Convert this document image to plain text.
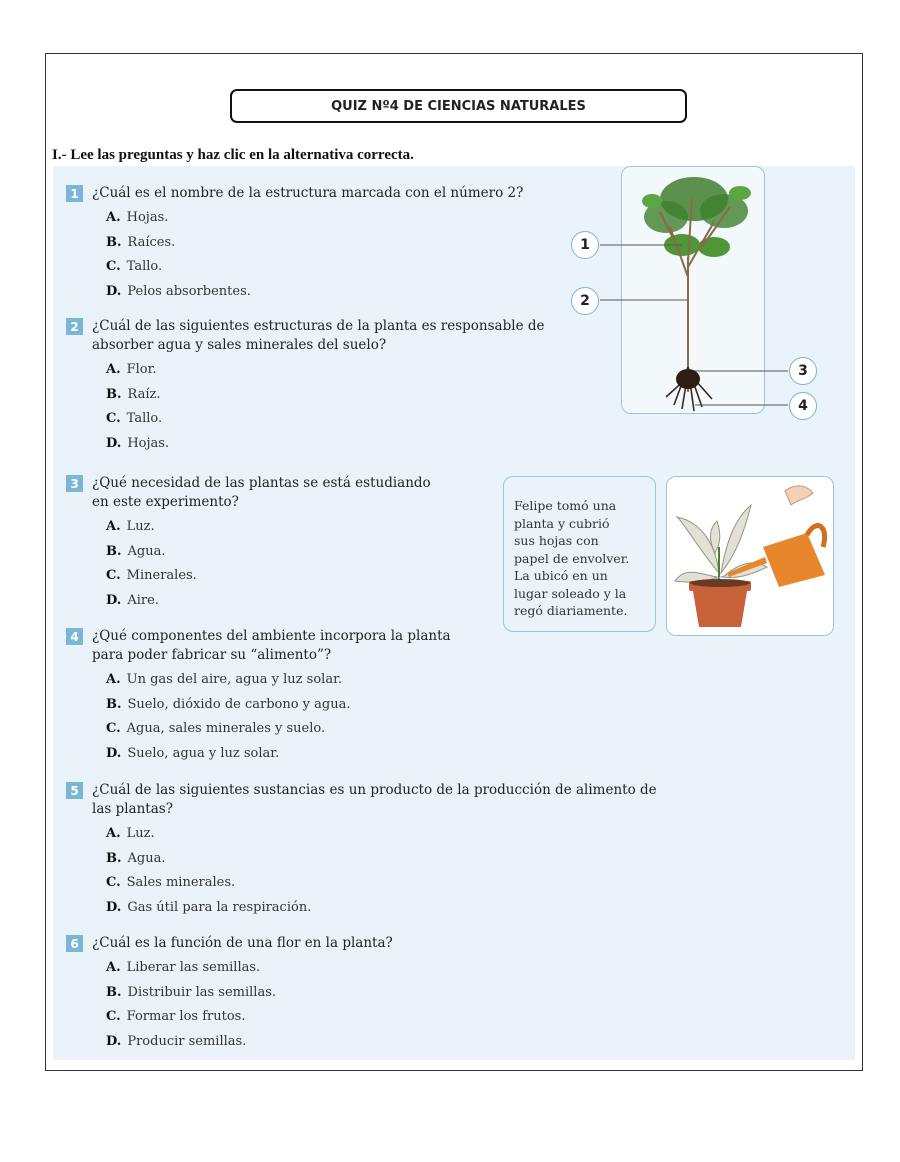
QUIZ Nº4 DE CIENCIAS NATURALES
I.- Lee las preguntas y haz clic en la alternativa correcta.
1 ¿Cuál es el nombre de la estructura marcada con el número 2?
A. Hojas.
B. Raíces.
C. Tallo.
D. Pelos absorbentes.
2 ¿Cuál de las siguientes estructuras de la planta es responsable de
absorber agua y sales minerales del suelo?
A. Flor.
B. Raíz.
C. Tallo.
D. Hojas.
3 ¿Qué necesidad de las plantas se está estudiando
en este experimento?
A. Luz.
B. Agua.
C. Minerales.
D. Aire.
4 ¿Qué componentes del ambiente incorpora la planta
para poder fabricar su “alimento”?
A. Un gas del aire, agua y luz solar.
B. Suelo, dióxido de carbono y agua.
C. Agua, sales minerales y suelo.
D. Suelo, agua y luz solar.
5 ¿Cuál de las siguientes sustancias es un producto de la producción de alimento de
las plantas?
A. Luz.
B. Agua.
C. Sales minerales.
D. Gas útil para la respiración.
6 ¿Cuál es la función de una flor en la planta?
A. Liberar las semillas.
B. Distribuir las semillas.
C. Formar los frutos.
D. Producir semillas.
1
2
3
4
Felipe tomó una
planta y cubrió
sus hojas con
papel de envolver.
La ubicó en un
lugar soleado y la
regó diariamente.
